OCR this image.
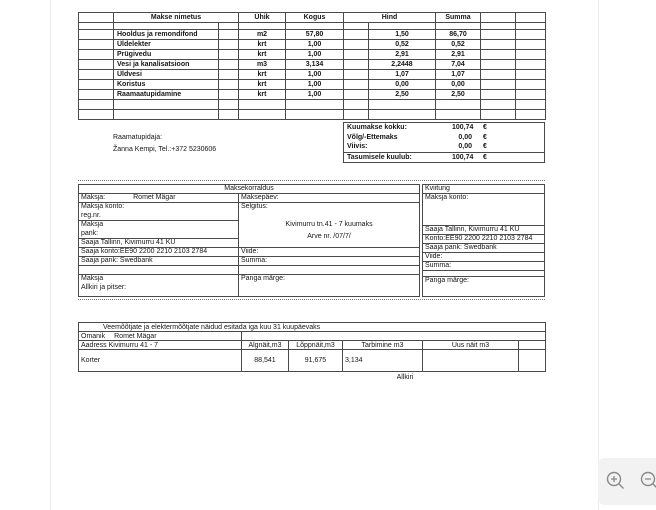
	Makse nimetus		Ühik	Kogus	Hind		Summa		

	Hooldus ja remondifond		m2	57,80		1,50	86,70		
	Üldelekter		krt	1,00		0,52	0,52		
	Prügivedu		krt	1,00		2,91	2,91		
	Vesi ja kanalisatsioon		m3	3,134		2,2448	7,04		
	Üldvesi		krt	1,00		1,07	1,07		
	Koristus		krt	1,00		0,00	0,00		
	Raamaatupidamine		krt	1,00		2,50	2,50		

Kuumakse kokku:	100,74	€
Võlg/-Ettemaks	0,00	€
Viivis:	0,00	€
Tasumisele kuulub:	100,74	€
Raamatupidaja:
Žanna Kempi, Tel.:+372 5230606
Maksekorraldus
Maksja:	Romet Mägar
Maksja konto:
reg.nr.
Maksja
pank:
Saaja Tallinn, Kivimurru 41 KÜ
Saaja konto:EE90 2200 2210 2103 2784
Saaja pank: Swedbank
Maksja
Allkiri ja pitser:
Maksepäev:
Selgitus:
Kivimurru tn.41 - 7 kuumaks
Arve nr. /07/7/
Viide:
Summa:
Panga märge:
Kviitung
Maksja konto:
Saaja Tallinn, Kivimurru 41 KÜ
Konto:EE90 2200 2210 2103 2784
Saaja pank: Swedbank
Viide:
Summa:
Panga märge:
Veemõõtjate ja elektermõõtjate näidud esitada iga kuu 31 kuupäevaks					
Omanik Romet Mägar					
Aadress Kivimurru 41 - 7	Algnäit,m3	Lõppnäit,m3	Tarbimine m3	Uus näit m3	
Korter	88,541	91,675	3,134		
Allkiri
